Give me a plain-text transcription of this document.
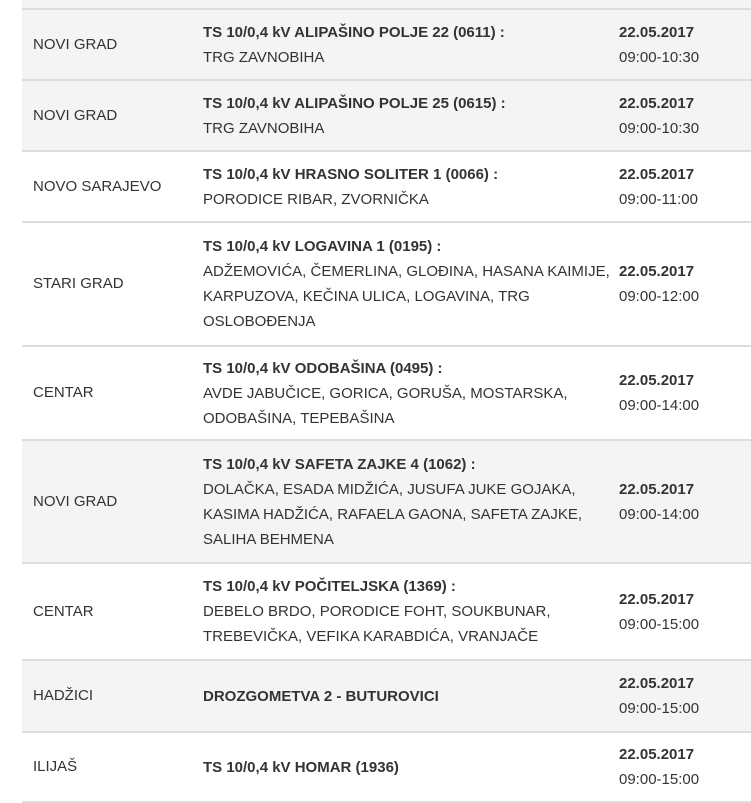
NOVI GRAD
TS 10/0,4 kV ALIPAŠINO POLJE 22 (0611) :
TRG ZAVNOBIHA
22.05.2017
09:00-10:30
NOVI GRAD
TS 10/0,4 kV ALIPAŠINO POLJE 25 (0615) :
TRG ZAVNOBIHA
22.05.2017
09:00-10:30
NOVO SARAJEVO
TS 10/0,4 kV HRASNO SOLITER 1 (0066) :
PORODICE RIBAR, ZVORNIČKA
22.05.2017
09:00-11:00
STARI GRAD
TS 10/0,4 kV LOGAVINA 1 (0195) :
ADŽEMOVIĆA, ČEMERLINA, GLOĐINA, HASANA KAIMIJE, KARPUZOVA, KEČINA ULICA, LOGAVINA, TRG OSLOBOĐENJA
22.05.2017
09:00-12:00
CENTAR
TS 10/0,4 kV ODOBAŠINA (0495) :
AVDE JABUČICE, GORICA, GORUŠA, MOSTARSKA, ODOBAŠINA, TEPEBAŠINA
22.05.2017
09:00-14:00
NOVI GRAD
TS 10/0,4 kV SAFETA ZAJKE 4 (1062) :
DOLAČKA, ESADA MIDŽIĆA, JUSUFA JUKE GOJAKA, KASIMA HADŽIĆA, RAFAELA GAONA, SAFETA ZAJKE, SALIHA BEHMENA
22.05.2017
09:00-14:00
CENTAR
TS 10/0,4 kV POČITELJSKA (1369) :
DEBELO BRDO, PORODICE FOHT, SOUKBUNAR, TREBEVIČKA, VEFIKA KARABDIĆA, VRANJAČE
22.05.2017
09:00-15:00
HADŽICI	DROZGOMETVA 2 - BUTUROVICI
22.05.2017
09:00-15:00
ILIJAŠ	TS 10/0,4 kV HOMAR (1936)
22.05.2017
09:00-15:00
